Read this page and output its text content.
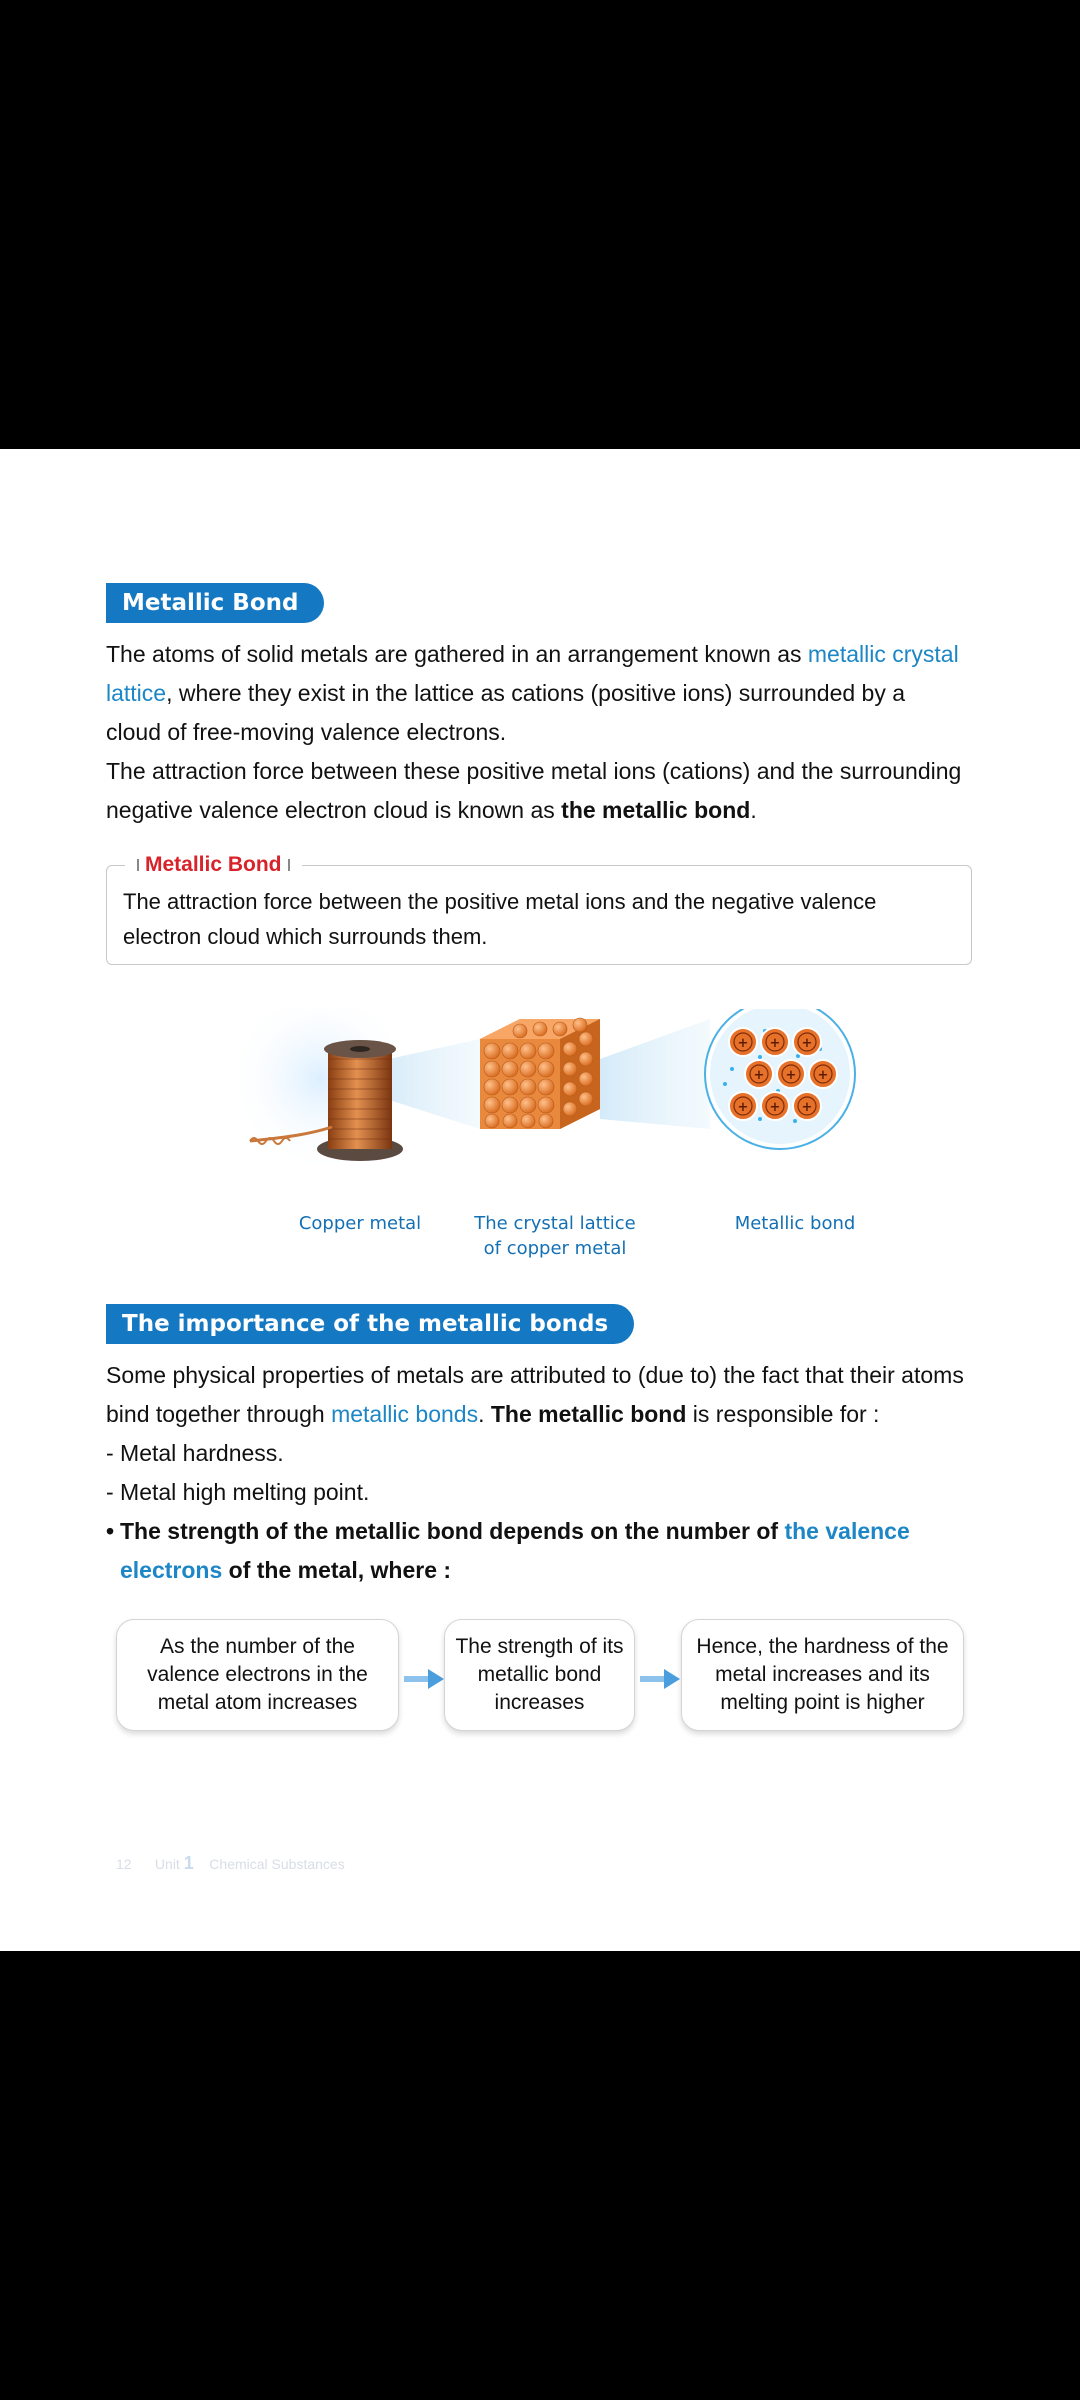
Metallic Bond
The atoms of solid metals are gathered in an arrangement known as metallic crystal lattice, where they exist in the lattice as cations (positive ions) surrounded by a cloud of free-moving valence electrons.
The attraction force between these positive metal ions (cations) and the surrounding negative valence electron cloud is known as the metallic bond.
Metallic Bond
The attraction force between the positive metal ions and the negative valence electron cloud which surrounds them.
+ + +
+ + +
+ + +
Copper metal	The crystal lattice
of copper metal
Metallic bond
The importance of the metallic bonds
Some physical properties of metals are attributed to (due to) the fact that their atoms bind together through metallic bonds. The metallic bond is responsible for :
- Metal hardness.
- Metal high melting point.
• The strength of the metallic bond depends on the number of the valence electrons of the metal, where :
As the number of the valence electrons in the metal atom increases
The strength of its metallic bond increases
Hence, the hardness of the metal increases and its melting point is higher
12 Unit 1 Chemical Substances
